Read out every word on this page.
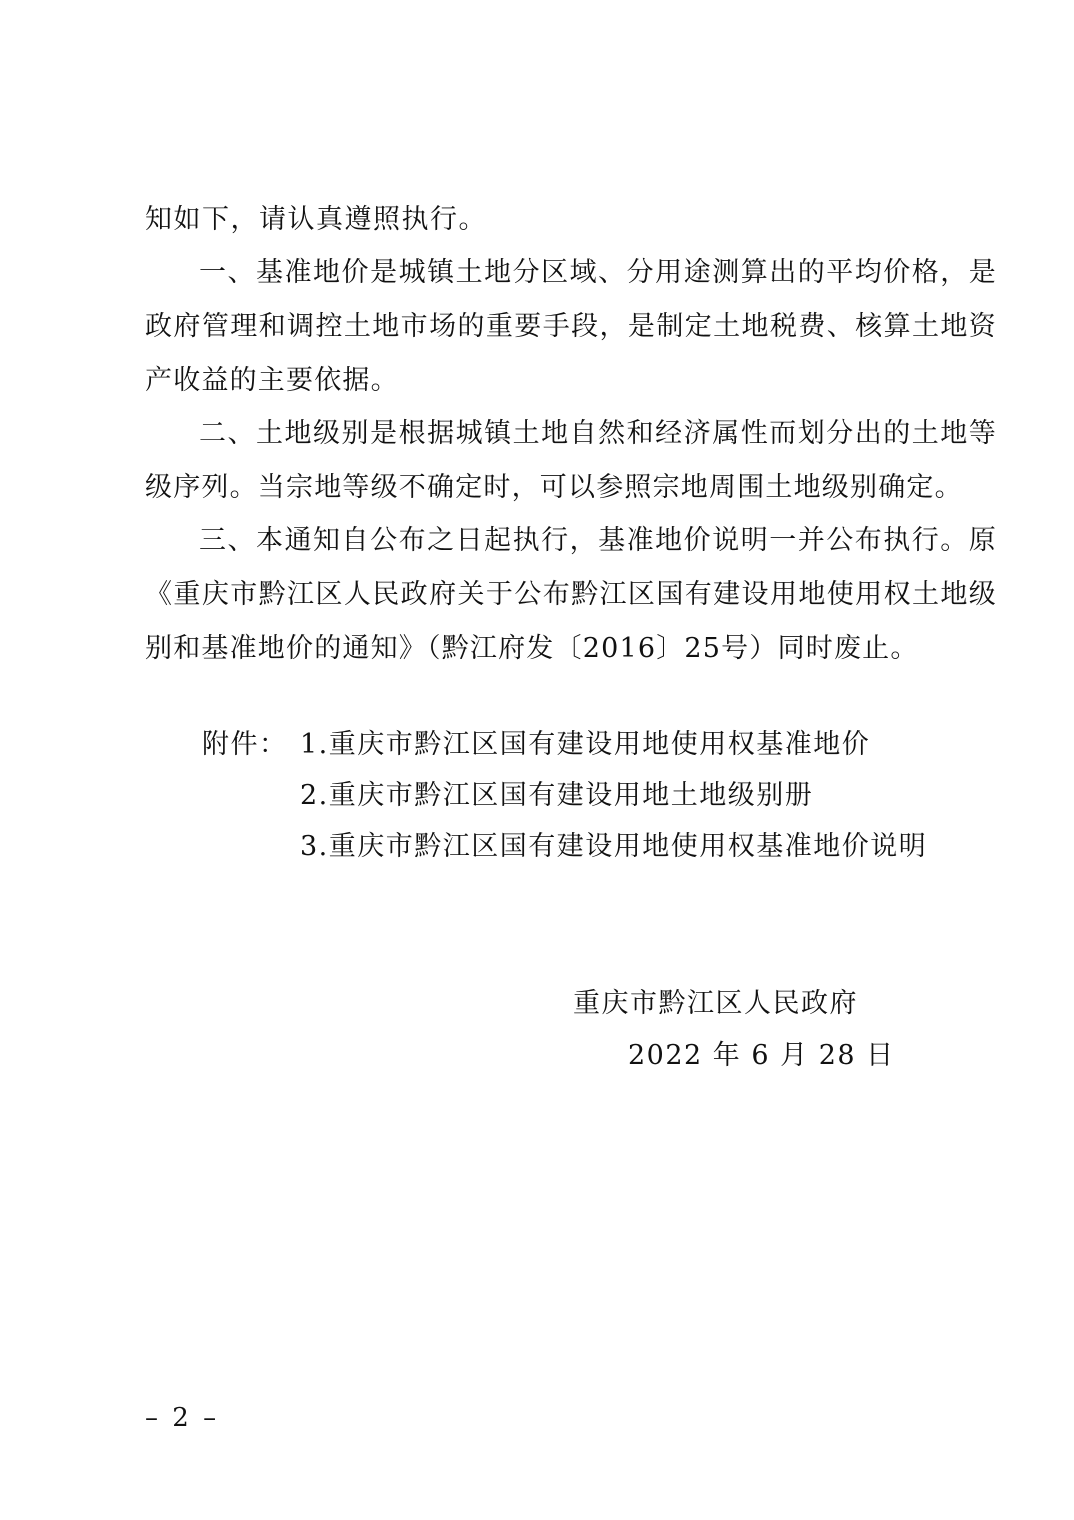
知如下，请认真遵照执行。
一、基准地价是城镇土地分区域、分用途测算出的平均价格，是政府管理和调控土地市场的重要手段，是制定土地税费、核算土地资产收益的主要依据。
二、土地级别是根据城镇土地自然和经济属性而划分出的土地等级序列。当宗地等级不确定时，可以参照宗地周围土地级别确定。
三、本通知自公布之日起执行，基准地价说明一并公布执行。原《重庆市黔江区人民政府关于公布黔江区国有建设用地使用权土地级别和基准地价的通知》（黔江府发〔2016〕25号）同时废止。
附件： 1.重庆市黔江区国有建设用地使用权基准地价
2.重庆市黔江区国有建设用地土地级别册
3.重庆市黔江区国有建设用地使用权基准地价说明
重庆市黔江区人民政府
2022 年 6 月 28 日
– 2 –
